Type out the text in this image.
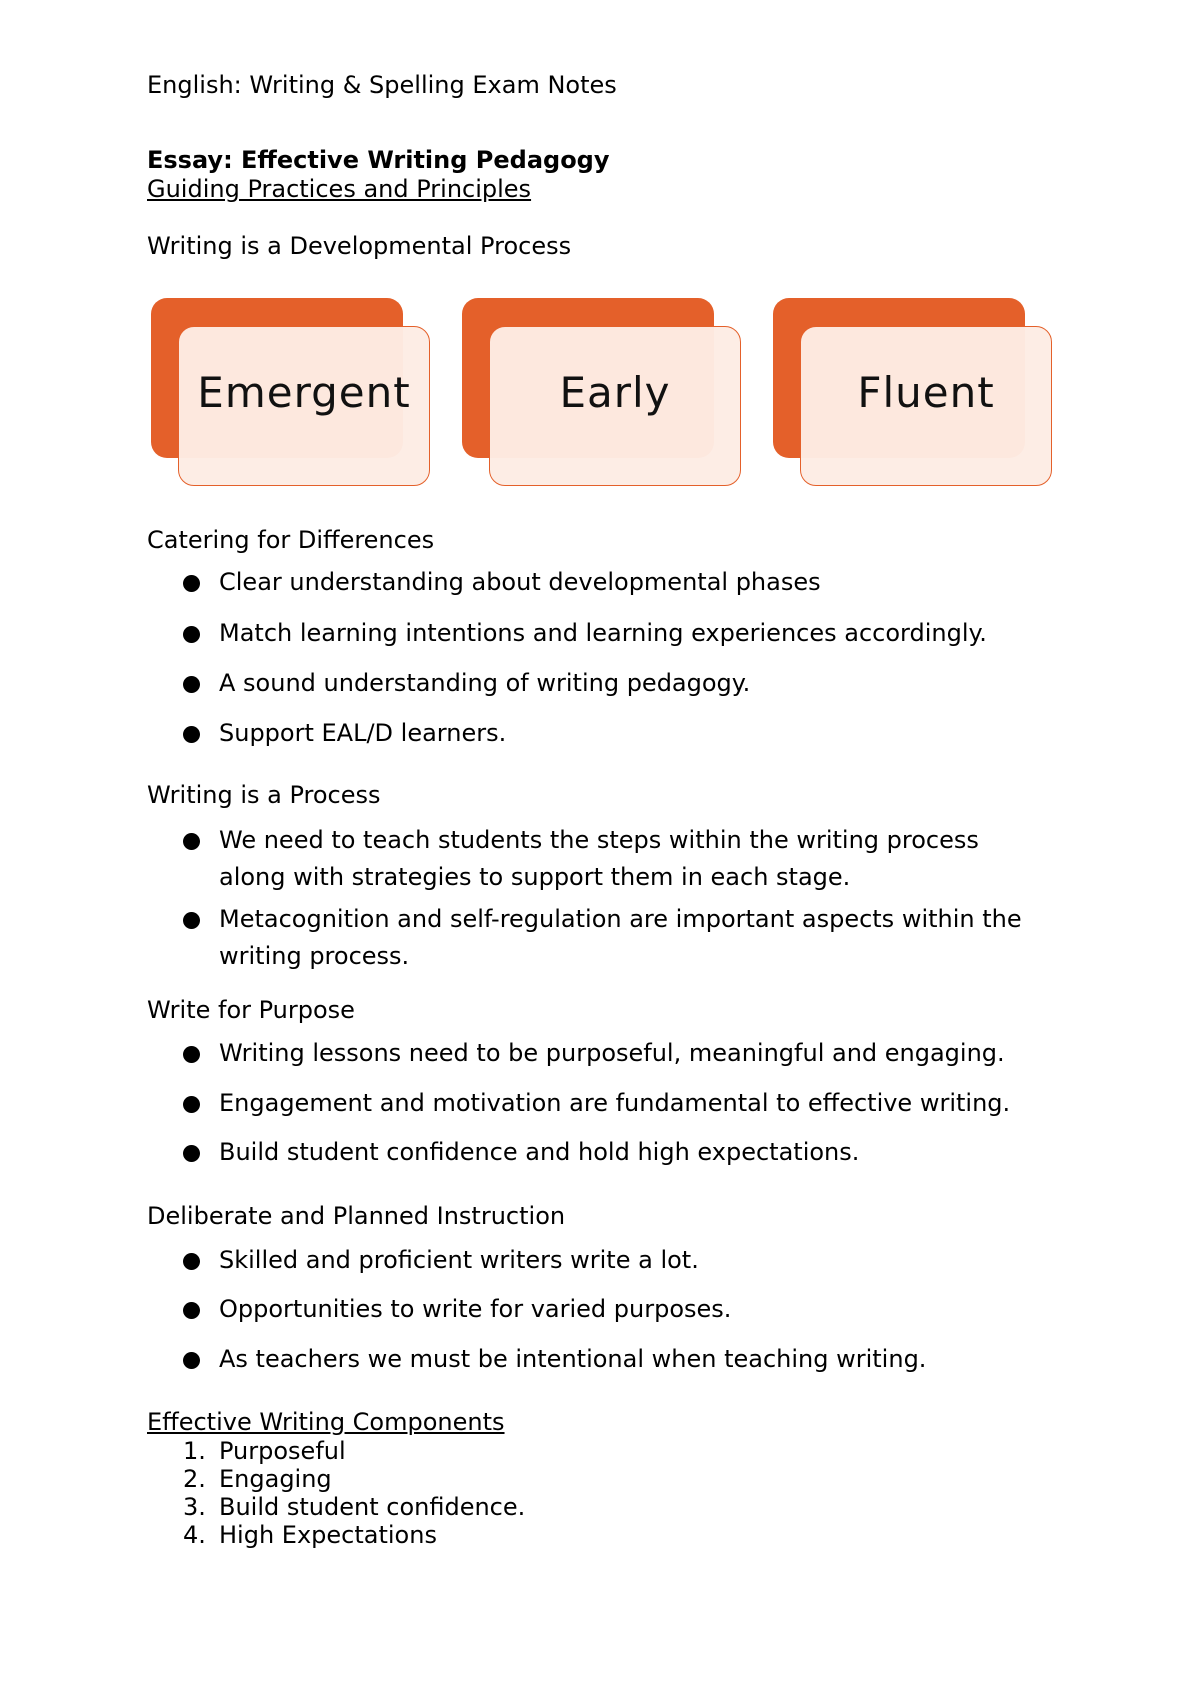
English: Writing & Spelling Exam Notes
Essay: Effective Writing Pedagogy
Guiding Practices and Principles
Writing is a Developmental Process
Emergent	Early	Fluent
Catering for Differences
Clear understanding about developmental phases
Match learning intentions and learning experiences accordingly.
A sound understanding of writing pedagogy.
Support EAL/D learners.
Writing is a Process
We need to teach students the steps within the writing process
along with strategies to support them in each stage.
Metacognition and self-regulation are important aspects within the
writing process.
Write for Purpose
Writing lessons need to be purposeful, meaningful and engaging.
Engagement and motivation are fundamental to effective writing.
Build student confidence and hold high expectations.
Deliberate and Planned Instruction
Skilled and proficient writers write a lot.
Opportunities to write for varied purposes.
As teachers we must be intentional when teaching writing.
Effective Writing Components
1. Purposeful
2. Engaging
3. Build student confidence.
4. High Expectations
